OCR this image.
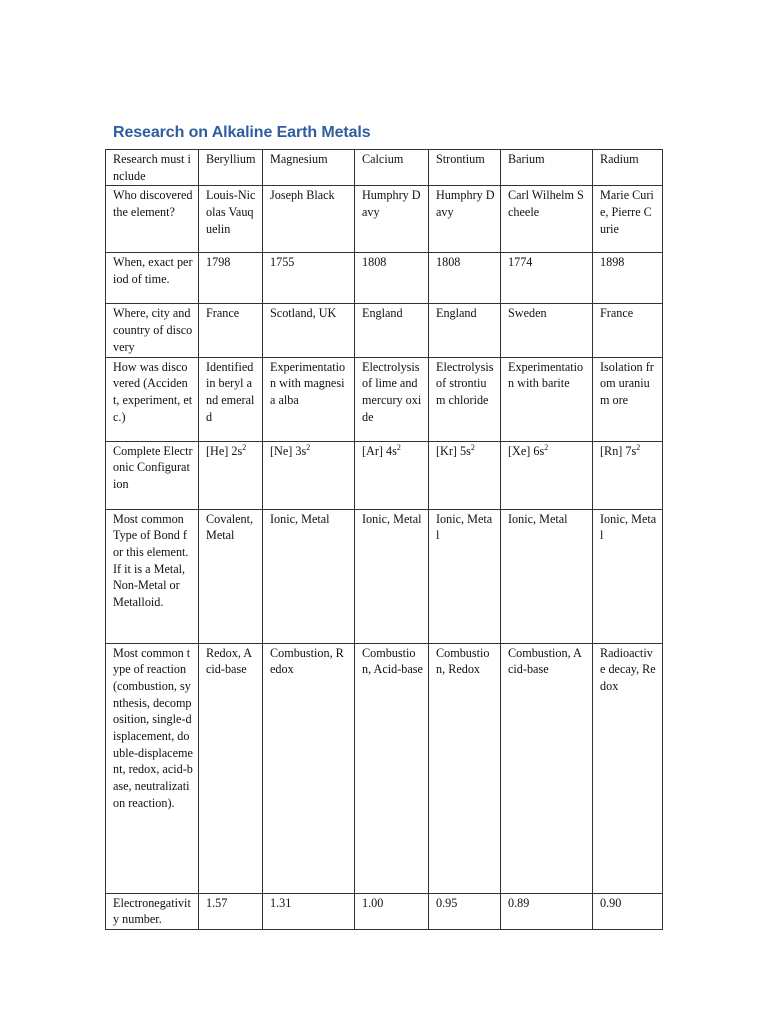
Research on Alkaline Earth Metals
Research must include	Beryllium	Magnesium	Calcium	Strontium	Barium	Radium
Who discovered the element?	Louis-Nicolas Vauquelin	Joseph Black	Humphry Davy	Humphry Davy	Carl Wilhelm Scheele	Marie Curie, Pierre Curie
When, exact period of time.	1798	1755	1808	1808	1774	1898
Where, city and country of discovery	France	Scotland, UK	England	England	Sweden	France
How was discovered (Accident, experiment, etc.)	Identified in beryl and emerald	Experimentation with magnesia alba	Electrolysis of lime and mercury oxide	Electrolysis of strontium chloride	Experimentation with barite	Isolation from uranium ore
Complete Electronic Configuration	[He] $2s^2$	[Ne] $3s^2$	[Ar] $4s^2$	[Kr] $5s^2$	[Xe] $6s^2$	[Rn] $7s^2$
Most common Type of Bond for this element. If it is a Metal, Non-Metal or Metalloid.	Covalent, Metal	Ionic, Metal	Ionic, Metal	Ionic, Metal	Ionic, Metal	Ionic, Metal
Most common type of reaction (combustion, synthesis, decomposition, single-displacement, double-displacement, redox, acid-base, neutralization reaction).	Redox, Acid-base	Combustion, Redox	Combustion, Acid-base	Combustion, Redox	Combustion, Acid-base	Radioactive decay, Redox
Electronegativity number.	1.57	1.31	1.00	0.95	0.89	0.90
